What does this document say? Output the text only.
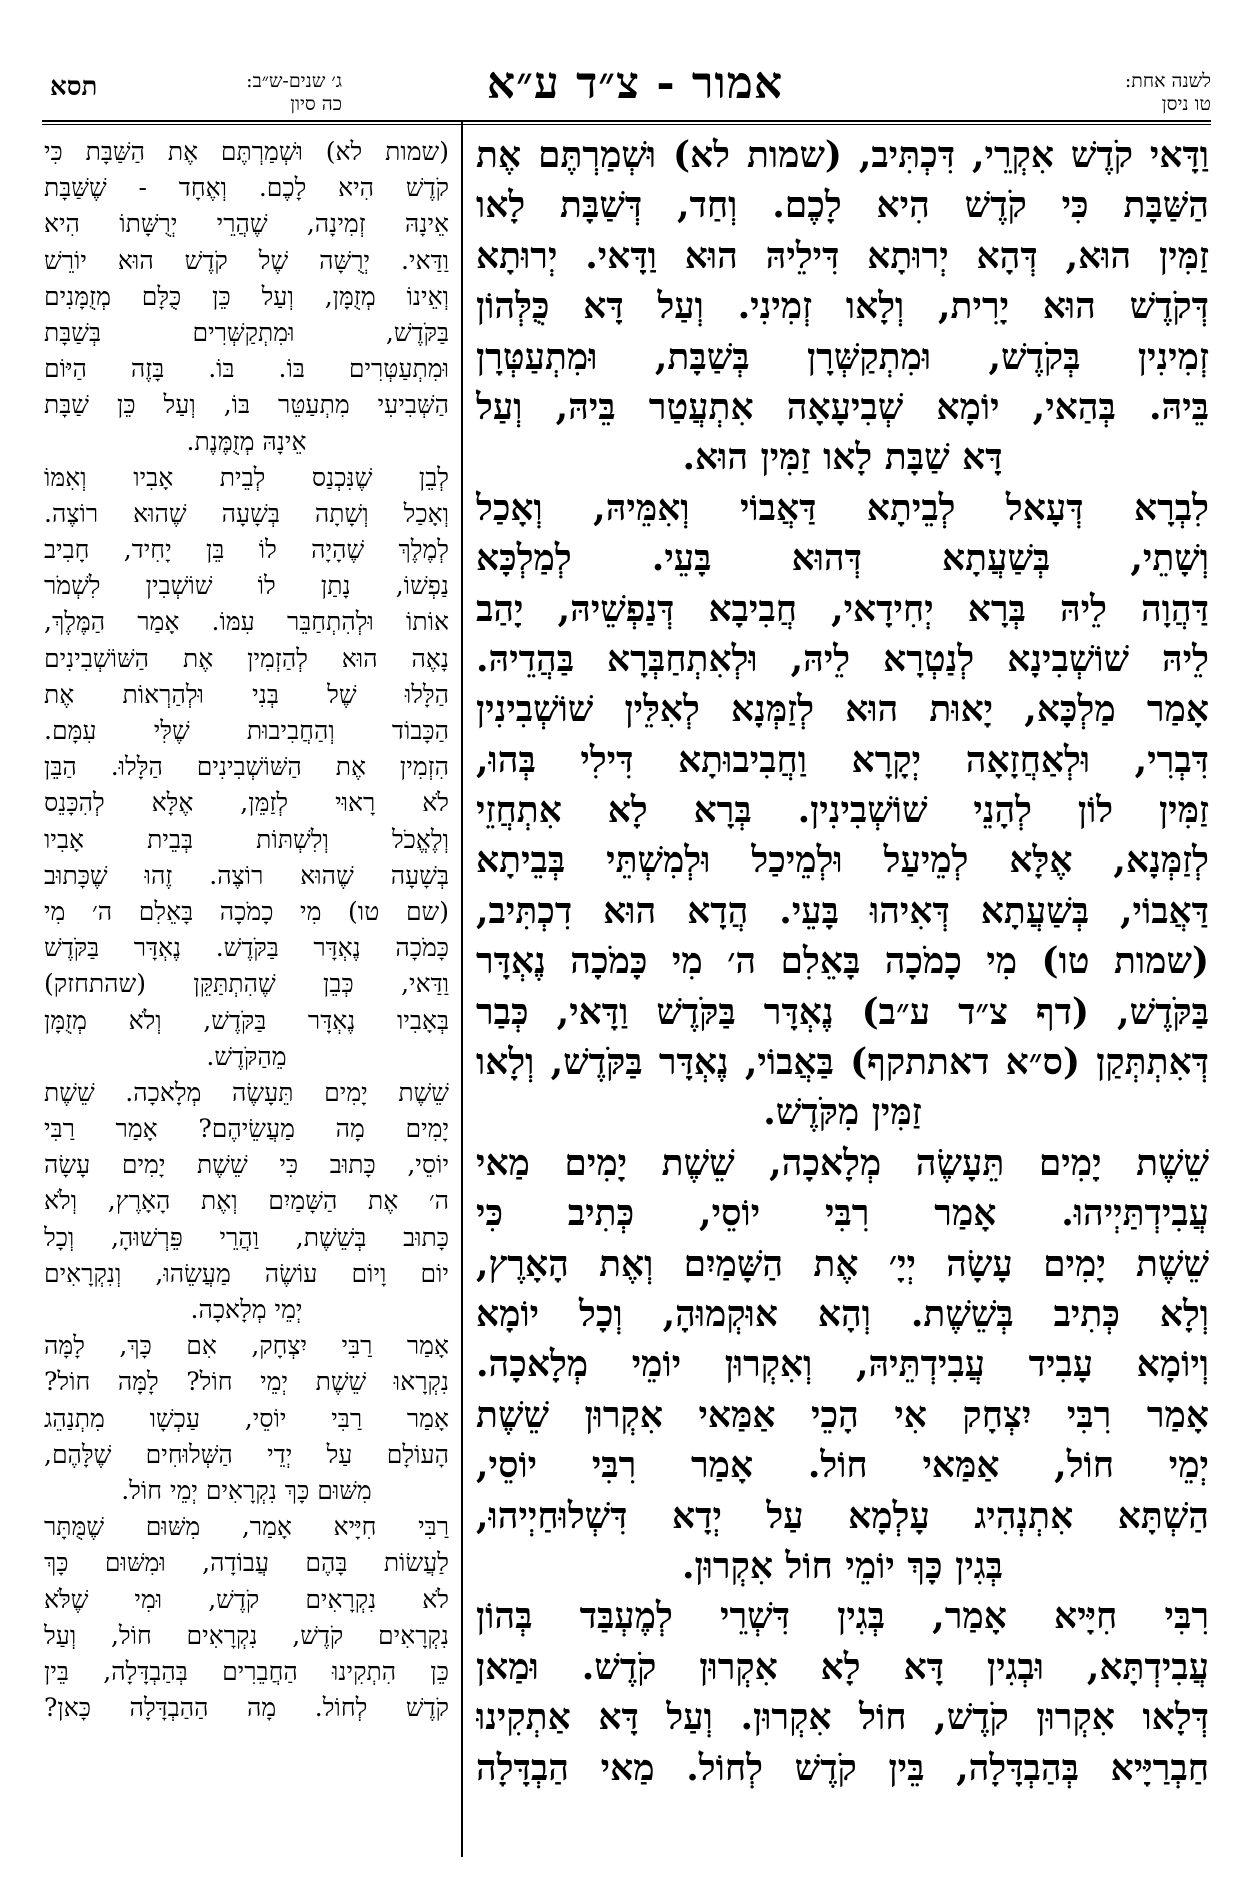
תסא	ג׳ שנים-ש״ב:
כה סיון	אמור - צ״ד ע״א	לשנה אחת:
טו ניסן
וַדָּאי קֹדֶשׁ אִקְרֵי, דִּכְתִּיב, (שמות לא) וּשְׁמַרְתֶּם אֶת
הַשַּׁבָּת כִּי קֹדֶשׁ הִיא לָכֶם. וְחַד, דְּשַׁבָּת לָאו
זַמִּין הוּא, דְּהָא יְרוּתָא דִּילֵיהּ הוּא וַדָּאי. יְרוּתָא
דְּקֹדֶשׁ הוּא יָרִית, וְלָאו זְמִינִי. וְעַל דָּא כֻּלְּהוֹן
זְמִינִין בְּקֹדֶשׁ, וּמִתְקַשְּׁרָן בְּשַׁבָּת, וּמִתְעַטְּרָן
בֵּיהּ. בְּהַאי, יוֹמָא שְׁבִיעָאָה אִתְעֲטַר בֵּיהּ, וְעַל
דָּא שַׁבָּת לָאו זַמִּין הוּא.
לִבְרָא דְּעָאל לְבֵיתָא דַּאֲבוֹי וְאִמֵּיהּ, וְאָכַל
וְשָׁתֵי, בְּשַׁעֲתָא דְּהוּא בָּעֵי. לְמַלְכָּא
דַּהֲוָה לֵיהּ בְּרָא יְחִידָאי, חֲבִיבָא דְּנַפְשֵׁיהּ, יָהַב
לֵיהּ שׁוֹשְׁבִינָא לְנַטְרָא לֵיהּ, וּלְאִתְחַבְּרָא בַּהֲדֵיהּ.
אָמַר מַלְכָּא, יָאוּת הוּא לְזַמְּנָא לְאִלֵּין שׁוֹשְׁבִינִין
דִּבְרִי, וּלְאַחֲזָאָה יְקָרָא וַחֲבִיבוּתָא דִּילִי בְּהוּ,
זַמִּין לוֹן לְהָנֵי שׁוֹשְׁבִינִין. בְּרָא לָא אִתְחֲזֵי
לְזַמְּנָא, אֶלָּא לְמֵיעַל וּלְמֵיכַל וּלְמִשְׁתֵּי בְּבֵיתָא
דַּאֲבוֹי, בְּשַׁעֲתָא דְּאִיהוּ בָּעֵי. הֲדָא הוּא דִכְתִּיב,
(שמות טו) מִי כָמֹכָה בָּאֵלִם ה׳ מִי כָּמֹכָה נֶאְדָּר
בַּקֹּדֶשׁ, (דף צ״ד ע״ב) נֶאְדָּר בַּקֹּדֶשׁ וַדָּאי, כְּבַר
דְּאִתְתְּקַן (ס״א דאתתקף) בַּאֲבוֹי, נֶאְדָּר בַּקֹּדֶשׁ, וְלָאו
זַמִּין מִקֹּדֶשׁ.
שֵׁשֶׁת יָמִים תֵּעָשֶׂה מְלָאכָה, שֵׁשֶׁת יָמִים מַאי
עֲבִידְתַּיְיהוּ. אָמַר רִבִּי יוֹסֵי, כְּתִיב כִּי
שֵׁשֶׁת יָמִים עָשָׂה יְיָ׳ אֶת הַשָּׁמַיִם וְאֶת הָאָרֶץ,
וְלָא כְּתִיב בְּשֵׁשֶׁת. וְהָא אוּקְמוּהָ, וְכָל יוֹמָא
וְיוֹמָא עָבִיד עֲבִידְתֵּיהּ, וְאִקְרוּן יוֹמֵי מְלָאכָה.
אָמַר רִבִּי יִצְחָק אִי הָכֵי אַמַּאי אִקְרוּן שֵׁשֶׁת
יְמֵי חוֹל, אַמַּאי חוֹל. אָמַר רִבִּי יוֹסֵי,
הַשְׁתָּא אִתְנְהִיג עָלְמָא עַל יְדָא דִּשְׁלוּחַיְיהוּ,
בְּגִין כָּךְ יוֹמֵי חוֹל אִקְרוּן.
רִבִּי חִיָּיא אָמַר, בְּגִין דִּשְׁרֵי לְמֶעְבַּד בְּהוֹן
עֲבִידְתָּא, וּבְגִין דָּא לָא אִקְרוּן קֹדֶשׁ. וּמַאן
דְּלָאו אִקְרוּן קֹדֶשׁ, חוֹל אִקְרוּן. וְעַל דָּא אַתְקִינוּ
חַבְרַיָּיא בְּהַבְדָּלָה, בֵּין קֹדֶשׁ לְחוֹל. מַאי הַבְדָּלָה
(שמות לא) וּשְׁמַרְתֶּם אֶת הַשַּׁבָּת כִּי
קֹדֶשׁ הִיא לָכֶם. וְאֶחָד - שֶׁשַּׁבָּת
אֵינָהּ זְמִינָה, שֶׁהֲרֵי יְרֻשָּׁתוֹ הִיא
וַדַּאי. יְרֻשָּׁה שֶׁל קֹדֶשׁ הוּא יוֹרֵשׁ
וְאֵינוֹ מְזֻמָּן, וְעַל כֵּן כֻּלָּם מְזֻמָּנִים
בַּקֹּדֶשׁ, וּמִתְקַשְּׁרִים בְּשַׁבָּת
וּמִתְעַטְּרִים בּוֹ. בּוֹ. בָּזֶה הַיּוֹם
הַשְּׁבִיעִי מִתְעַטֵּר בּוֹ, וְעַל כֵּן שַׁבָּת
אֵינָהּ מְזֻמֶּנֶת.
לְבֵן שֶׁנִּכְנַס לְבֵית אָבִיו וְאִמּוֹ
וְאָכַל וְשָׁתָה בְּשָׁעָה שֶׁהוּא רוֹצֶה.
לְמֶלֶךְ שֶׁהָיָה לוֹ בֵּן יָחִיד, חָבִיב
נַפְשׁוֹ, נָתַן לוֹ שׁוֹשְׁבִין לִשְׁמֹר
אוֹתוֹ וּלְהִתְחַבֵּר עִמּוֹ. אָמַר הַמֶּלֶךְ,
נָאֶה הוּא לְהַזְמִין אֶת הַשּׁוֹשְׁבִינִים
הַלָּלוּ שֶׁל בְּנִי וּלְהַרְאוֹת אֶת
הַכָּבוֹד וְהַחֲבִיבוּת שֶׁלִּי עִמָּם.
הִזְמִין אֶת הַשּׁוֹשְׁבִינִים הַלָּלוּ. הַבֵּן
לֹא רָאוּי לְזַמֵּן, אֶלָּא לְהִכָּנֵס
וְלֶאֱכֹל וְלִשְׁתּוֹת בְּבֵית אָבִיו
בְּשָׁעָה שֶׁהוּא רוֹצֶה. זֶהוּ שֶׁכָּתוּב
(שם טו) מִי כָמֹכָה בָּאֵלִם ה׳ מִי
כָּמֹכָה נֶאְדָּר בַּקֹּדֶשׁ. נֶאְדָּר בַּקֹּדֶשׁ
וַדַּאי, כְּבֵן שֶׁהִתְתַּקֵּן (שהתחזק)
בְּאָבִיו נֶאְדָּר בַּקֹּדֶשׁ, וְלֹא מְזֻמָּן
מֵהַקֹּדֶשׁ.
שֵׁשֶׁת יָמִים תֵּעָשֶׂה מְלָאכָה. שֵׁשֶׁת
יָמִים מָה מַעֲשֵׂיהֶם? אָמַר רַבִּי
יוֹסֵי, כָּתוּב כִּי שֵׁשֶׁת יָמִים עָשָׂה
ה׳ אֶת הַשָּׁמַיִם וְאֶת הָאָרֶץ, וְלֹא
כָּתוּב בְּשֵׁשֶׁת, וַהֲרֵי פֵּרְשׁוּהָ, וְכָל
יוֹם וָיוֹם עוֹשֶׂה מַעֲשֵׂהוּ, וְנִקְרָאִים
יְמֵי מְלָאכָה.
אָמַר רַבִּי יִצְחָק, אִם כָּךְ, לָמָּה
נִקְרָאוּ שֵׁשֶׁת יְמֵי חוֹל? לָמָּה חוֹל?
אָמַר רַבִּי יוֹסֵי, עַכְשָׁו מִתְנַהֵג
הָעוֹלָם עַל יְדֵי הַשְּׁלוּחִים שֶׁלָּהֶם,
מִשּׁוּם כָּךְ נִקְרָאִים יְמֵי חוֹל.
רַבִּי חִיָּיא אָמַר, מִשּׁוּם שֶׁמֻּתָּר
לַעֲשׂוֹת בָּהֶם עֲבוֹדָה, וּמִשּׁוּם כָּךְ
לֹא נִקְרָאִים קֹדֶשׁ, וּמִי שֶׁלֹּא
נִקְרָאִים קֹדֶשׁ, נִקְרָאִים חוֹל, וְעַל
כֵּן הִתְקִינוּ הַחֲבֵרִים בְּהַבְדָּלָה, בֵּין
קֹדֶשׁ לְחוֹל. מָה הַהַבְדָּלָה כָּאן?
